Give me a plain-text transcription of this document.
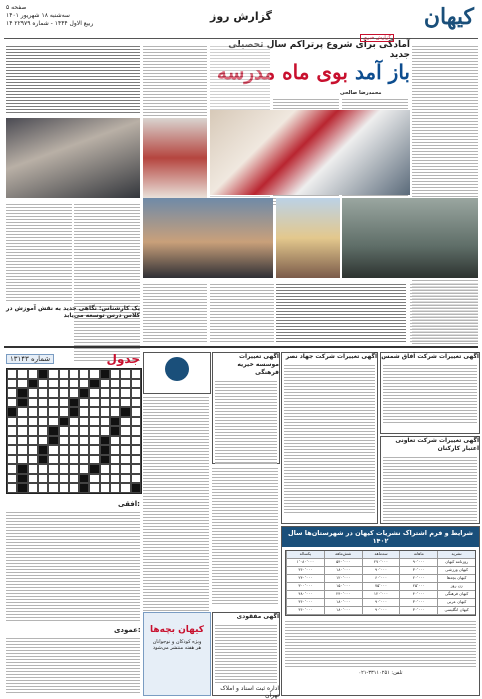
کیهان
گزارش روز
صفحه ۵
سه‌شنبه ۱۸ شهریور ۱۴۰۱
۱۴ ربیع الاول ۱۴۴۴ - شماره ۲۲۹۷۹
آمادگی برای شروع پرتراکم سال تحصیلی جدید
باز آمد بوی ماه مدرسه
گزارش خبری
محمدرضا صالحی
یک کارشناس: نگاهی جدید به نقش آموزش در کلاس درس توسعه می‌یابد
شماره ۱۳۱۴۳	جدول
افقی:
عمودی:	کیهان بچه‌ها
ویژه کودکان و نوجوانان
هر هفته منتشر می‌شود
آگهی تغییرات
موسسه خیریه فرهنگی
آگهی مفقودی
اداره ثبت اسناد و املاک تهران
آگهی تغییرات شرکت جهاد نصر آگهی تغییرات شرکت آفاق شمس
آگهی تغییرات شرکت تعاونی اعتبار کارکنان
شرایط و فرم اشتراک نشریات کیهان در شهرستان‌ها سال ۱۴۰۲
نشریه
ماهانه
سه‌ماهه
شش‌ماهه
یکساله
روزنامه کیهان
۹۰٬۰۰۰
۲۷۰٬۰۰۰
۵۴۰٬۰۰۰
۱٬۰۸۰٬۰۰۰
کیهان ورزشی
۳۰٬۰۰۰
۹۰٬۰۰۰
۱۸۰٬۰۰۰
۳۶۰٬۰۰۰
کیهان بچه‌ها
۲۰٬۰۰۰
۶۰٬۰۰۰
۱۲۰٬۰۰۰
۲۴۰٬۰۰۰
زن روز
۲۵٬۰۰۰
۷۵٬۰۰۰
۱۵۰٬۰۰۰
۳۰۰٬۰۰۰
کیهان فرهنگی
۴۰٬۰۰۰
۱۲۰٬۰۰۰
۲۴۰٬۰۰۰
۴۸۰٬۰۰۰
کیهان عربی
۳۰٬۰۰۰
۹۰٬۰۰۰
۱۸۰٬۰۰۰
۳۶۰٬۰۰۰
کیهان انگلیسی
۳۰٬۰۰۰
۹۰٬۰۰۰
۱۸۰٬۰۰۰
۳۶۰٬۰۰۰
تلفن: ۳۳۱۱۰۲۵۱-۰۲۱
